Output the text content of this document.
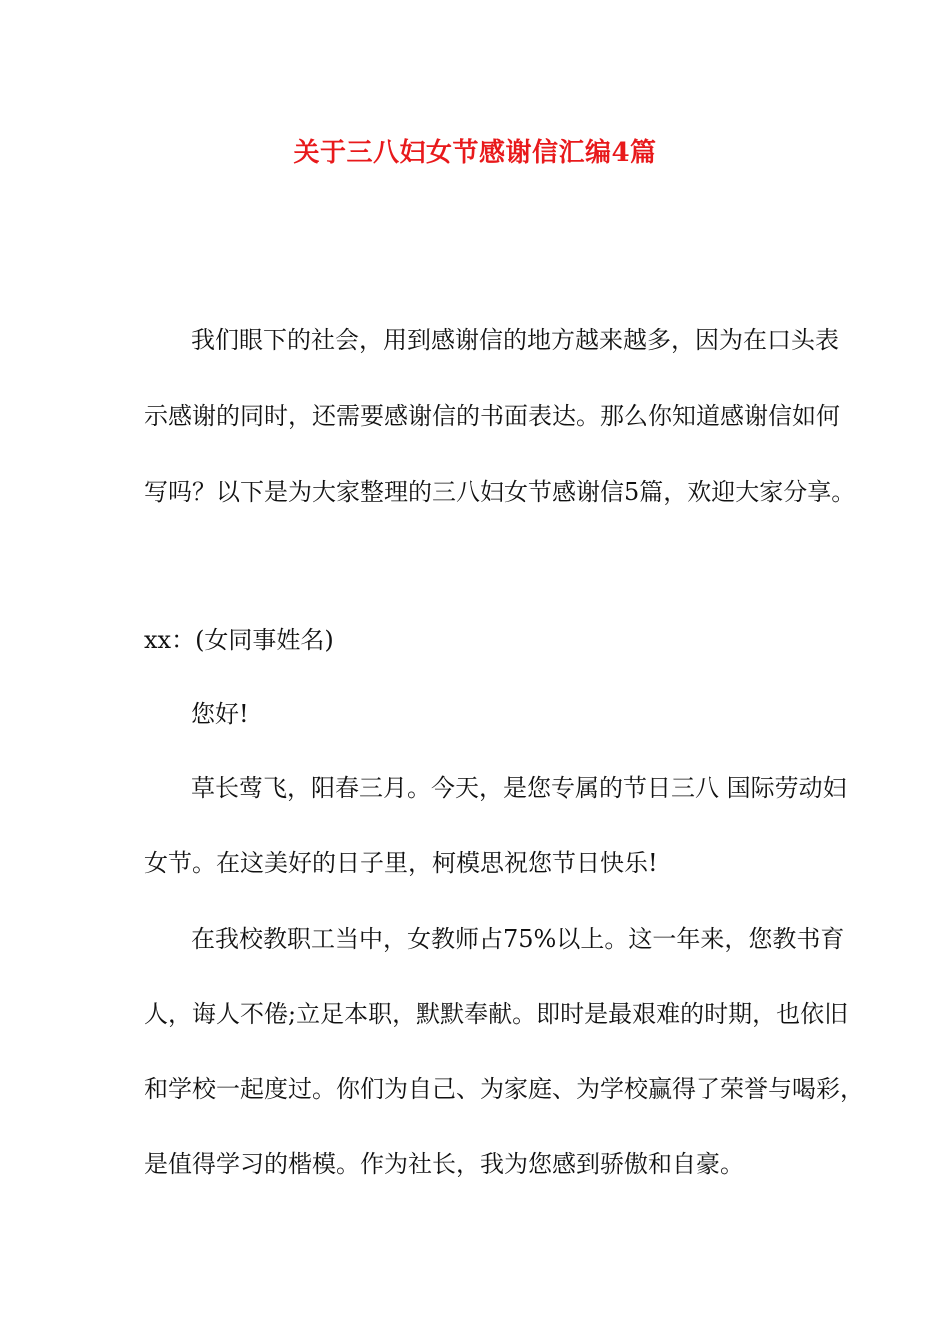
关于三八妇女节感谢信汇编4篇
我们眼下的社会，用到感谢信的地方越来越多，因为在口头表
示感谢的同时，还需要感谢信的书面表达。那么你知道感谢信如何
写吗？以下是为大家整理的三八妇女节感谢信5篇，欢迎大家分享。
xx：(女同事姓名)
您好!
草长莺飞，阳春三月。今天，是您专属的节日三八 国际劳动妇
女节。在这美好的日子里，柯模思祝您节日快乐!
在我校教职工当中，女教师占75%以上。这一年来，您教书育
人，诲人不倦;立足本职，默默奉献。即时是最艰难的时期，也依旧
和学校一起度过。你们为自己、为家庭、为学校赢得了荣誉与喝彩，
是值得学习的楷模。作为社长，我为您感到骄傲和自豪。
